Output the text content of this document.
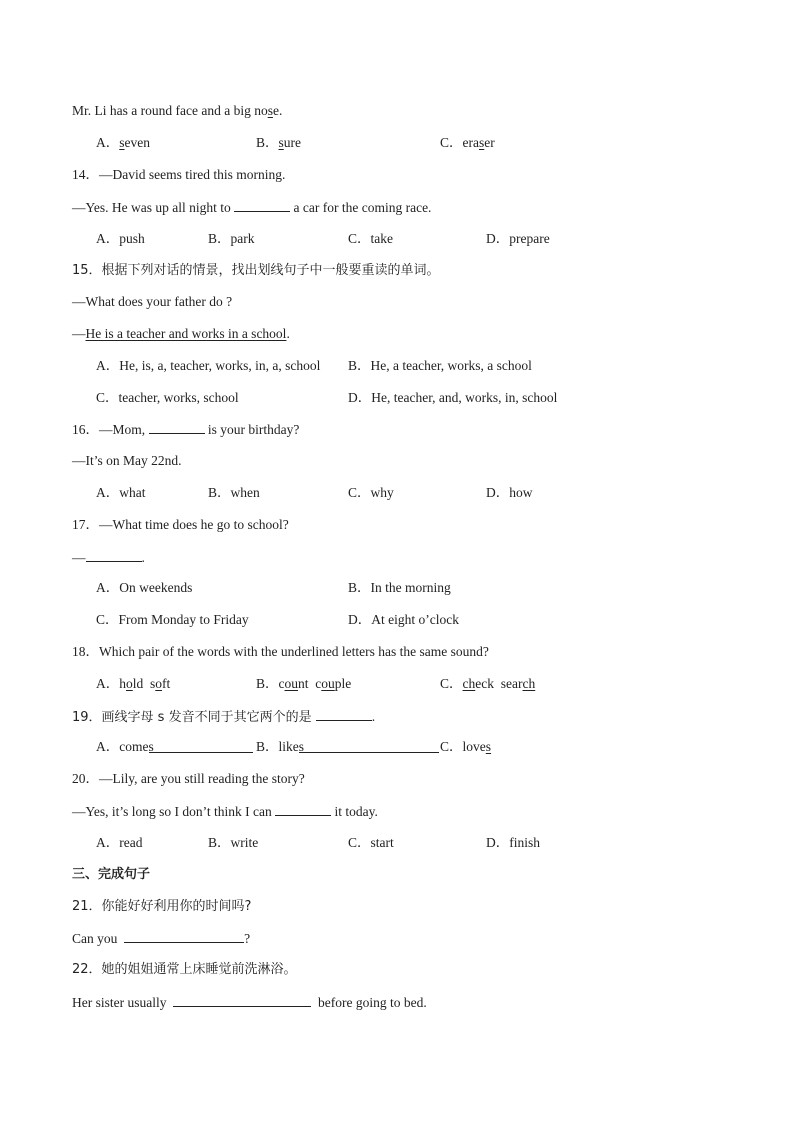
Mr. Li has a round face and a big nose.
A．seven	B．sure	C．eraser
14．—David seems tired this morning.
—Yes. He was up all night to	a car for the coming race.
A．push	B．park	C．take	D．prepare
15．根据下列对话的情景，找出划线句子中一般要重读的单词。
—What does your father do ?
—He is a teacher and works in a school.
A．He, is, a, teacher, works, in, a, school B．He, a teacher, works, a school
C．teacher, works, school	D．He, teacher, and, works, in, school
16．—Mom,	is your birthday?
—It’s on May 22nd.
A．what	B．when	C．why	D．how
17．—What time does he go to school?
—	.
A．On weekends	B．In the morning
C．From Monday to Friday	D．At eight o’clock
18．Which pair of the words with the underlined letters has the same sound?
A．hold  soft	B．count  couple	C．check  search
19．画线字母 s 发音不同于其它两个的是	.
A．comes	B．likes	C．loves
20．—Lily, are you still reading the story?
—Yes, it’s long so I don’t think I can	it today.
A．read	B．write	C．start	D．finish
三、完成句子
21．你能好好利用你的时间吗?
Can you	?
22．她的姐姐通常上床睡觉前洗淋浴。
Her sister usually	before going to bed.
